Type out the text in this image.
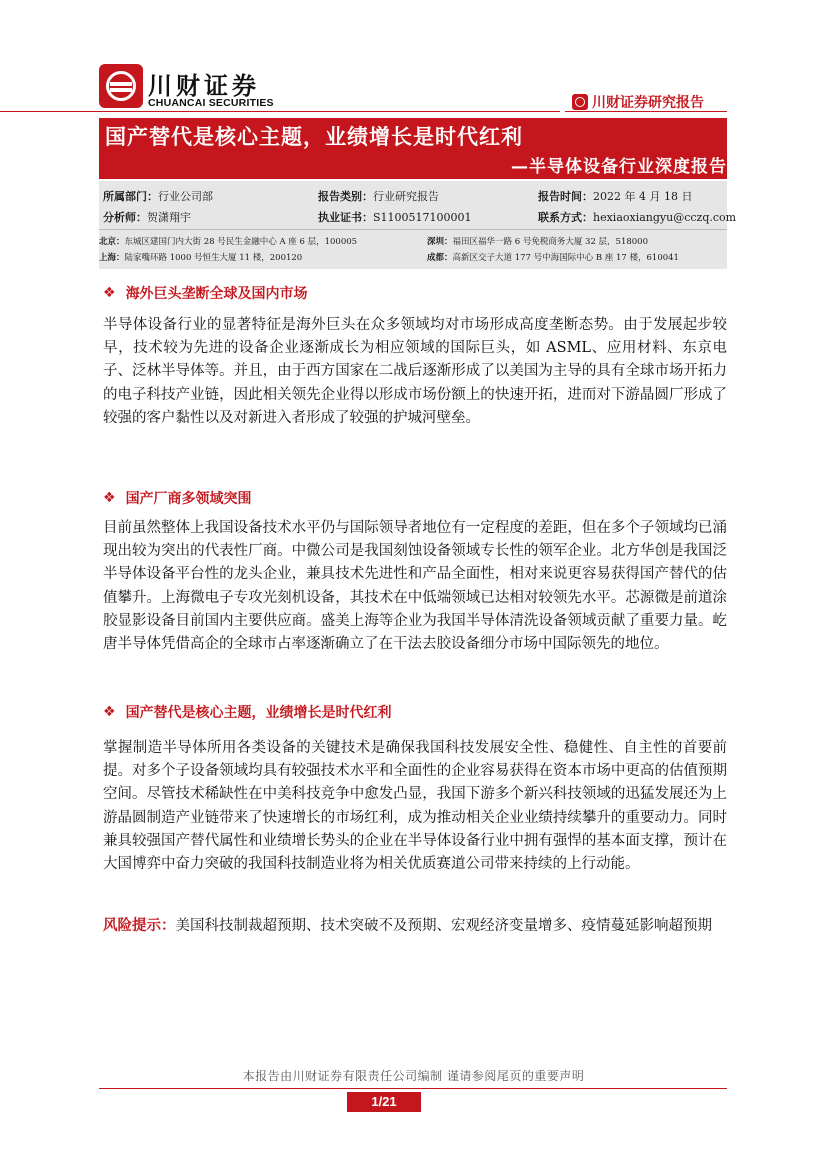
川财证券
CHUANCAI SECURITIES	川财证券研究报告
国产替代是核心主题，业绩增长是时代红利
—半导体设备行业深度报告
所属部门：行业公司部	报告类别：行业研究报告	报告时间：2022 年 4 月 18 日
分析师：贺潇翔宇	执业证书：S1100517100001	联系方式：hexiaoxiangyu@cczq.com
北京：东城区建国门内大街 28 号民生金融中心 A 座 6 层，100005	深圳：福田区福华一路 6 号免税商务大厦 32 层，518000
上海：陆家嘴环路 1000 号恒生大厦 11 楼，200120	成都：高新区交子大道 177 号中海国际中心 B 座 17 楼，610041
❖ 海外巨头垄断全球及国内市场
半导体设备行业的显著特征是海外巨头在众多领域均对市场形成高度垄断态势。由于发展起步较早，技术较为先进的设备企业逐渐成长为相应领域的国际巨头，如 ASML、应用材料、东京电子、泛林半导体等。并且，由于西方国家在二战后逐渐形成了以美国为主导的具有全球市场开拓力的电子科技产业链，因此相关领先企业得以形成市场份额上的快速开拓，进而对下游晶圆厂形成了较强的客户黏性以及对新进入者形成了较强的护城河壁垒。
❖ 国产厂商多领域突围
目前虽然整体上我国设备技术水平仍与国际领导者地位有一定程度的差距，但在多个子领域均已涌现出较为突出的代表性厂商。中微公司是我国刻蚀设备领域专长性的领军企业。北方华创是我国泛半导体设备平台性的龙头企业，兼具技术先进性和产品全面性，相对来说更容易获得国产替代的估值攀升。上海微电子专攻光刻机设备，其技术在中低端领域已达相对较领先水平。芯源微是前道涂胶显影设备目前国内主要供应商。盛美上海等企业为我国半导体清洗设备领域贡献了重要力量。屹唐半导体凭借高企的全球市占率逐渐确立了在干法去胶设备细分市场中国际领先的地位。
❖ 国产替代是核心主题，业绩增长是时代红利
掌握制造半导体所用各类设备的关键技术是确保我国科技发展安全性、稳健性、自主性的首要前提。对多个子设备领域均具有较强技术水平和全面性的企业容易获得在资本市场中更高的估值预期空间。尽管技术稀缺性在中美科技竞争中愈发凸显，我国下游多个新兴科技领域的迅猛发展还为上游晶圆制造产业链带来了快速增长的市场红利，成为推动相关企业业绩持续攀升的重要动力。同时兼具较强国产替代属性和业绩增长势头的企业在半导体设备行业中拥有强悍的基本面支撑，预计在大国博弈中奋力突破的我国科技制造业将为相关优质赛道公司带来持续的上行动能。
风险提示：美国科技制裁超预期、技术突破不及预期、宏观经济变量增多、疫情蔓延影响超预期
本报告由川财证券有限责任公司编制 谨请参阅尾页的重要声明
1/21
